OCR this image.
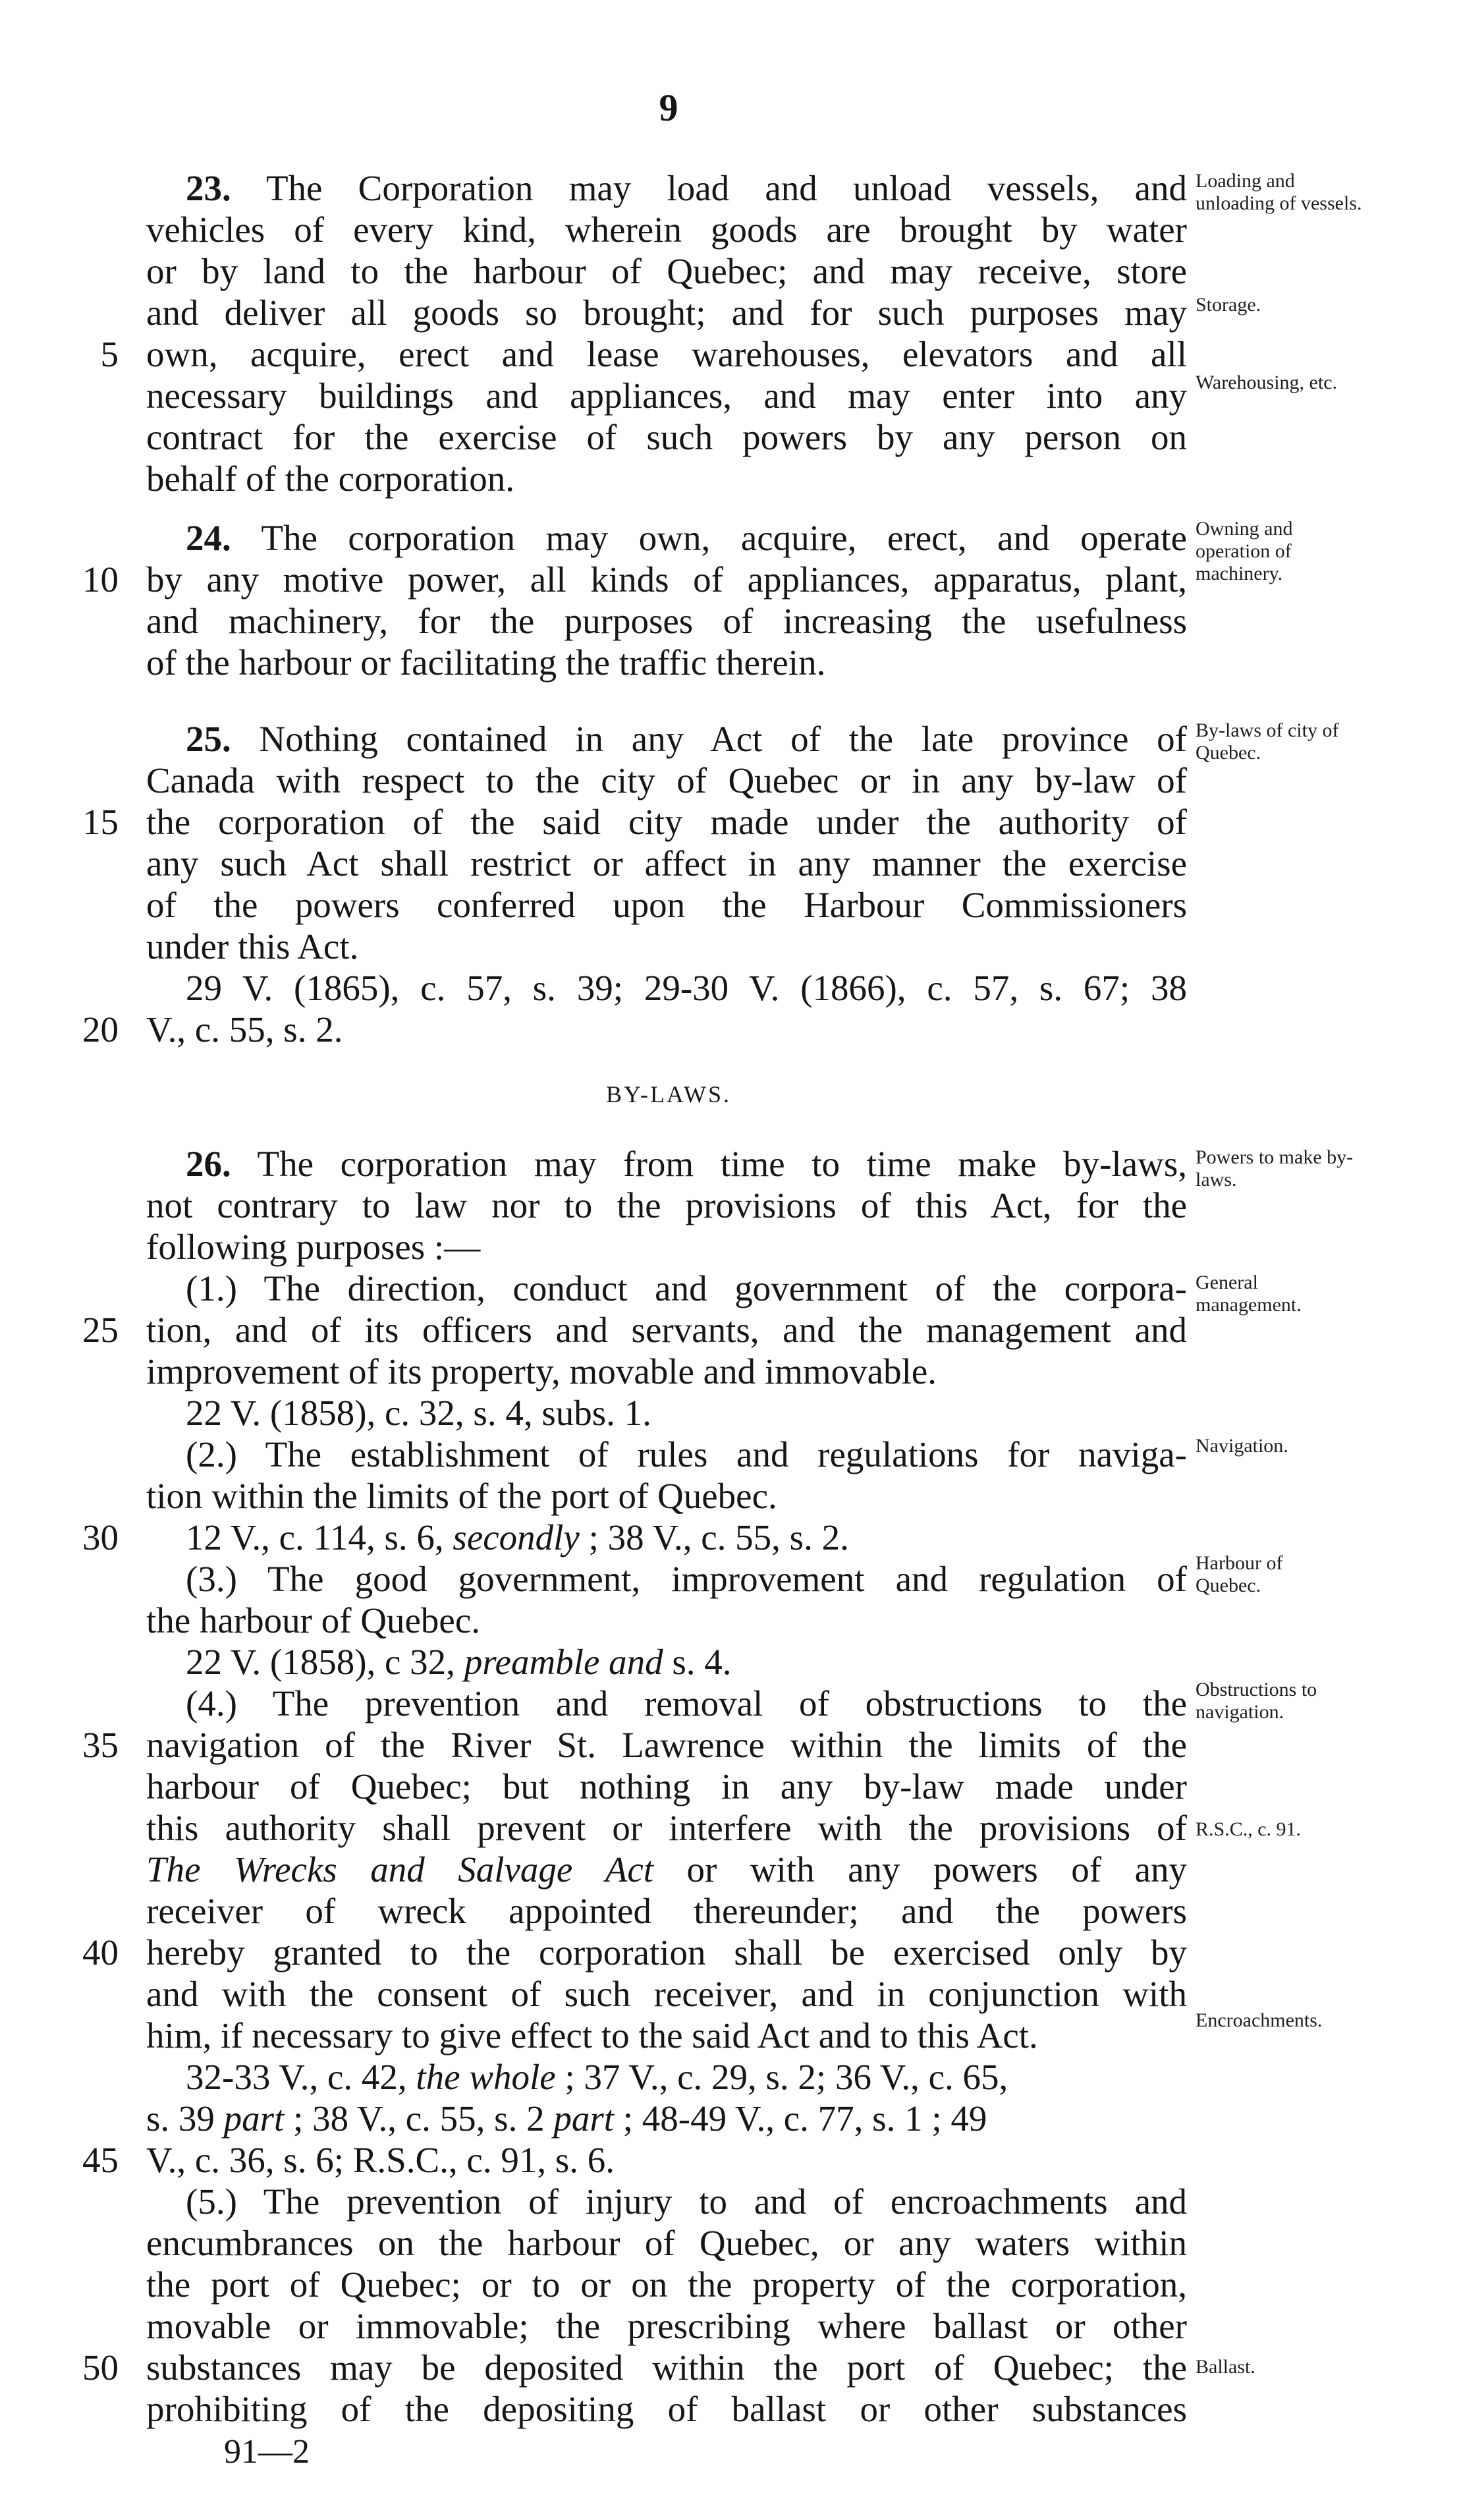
9
23. The Corporation may load and unload vessels, and
vehicles of every kind, wherein goods are brought by water
or by land to the harbour of Quebec; and may receive, store
and deliver all goods so brought; and for such purposes may
own, acquire, erect and lease warehouses, elevators and all
necessary buildings and appliances, and may enter into any
contract for the exercise of such powers by any person on
behalf of the corporation.
24. The corporation may own, acquire, erect, and operate
by any motive power, all kinds of appliances, apparatus, plant,
and machinery, for the purposes of increasing the usefulness
of the harbour or facilitating the traffic therein.
25. Nothing contained in any Act of the late province of
Canada with respect to the city of Quebec or in any by-law of
the corporation of the said city made under the authority of
any such Act shall restrict or affect in any manner the exercise
of the powers conferred upon the Harbour Commissioners
under this Act.
29 V. (1865), c. 57, s. 39; 29-30 V. (1866), c. 57, s. 67; 38
V., c. 55, s. 2.
BY-LAWS.
26. The corporation may from time to time make by-laws,
not contrary to law nor to the provisions of this Act, for the
following purposes :—
(1.) The direction, conduct and government of the corpora-
tion, and of its officers and servants, and the management and
improvement of its property, movable and immovable.
22 V. (1858), c. 32, s. 4, subs. 1.
(2.) The establishment of rules and regulations for naviga-
tion within the limits of the port of Quebec.
12 V., c. 114, s. 6, secondly ; 38 V., c. 55, s. 2.
(3.) The good government, improvement and regulation of
the harbour of Quebec.
22 V. (1858), c 32, preamble and s. 4.
(4.) The prevention and removal of obstructions to the
navigation of the River St. Lawrence within the limits of the
harbour of Quebec; but nothing in any by-law made under
this authority shall prevent or interfere with the provisions of
The Wrecks and Salvage Act or with any powers of any
receiver of wreck appointed thereunder; and the powers
hereby granted to the corporation shall be exercised only by
and with the consent of such receiver, and in conjunction with
him, if necessary to give effect to the said Act and to this Act.
32-33 V., c. 42, the whole ; 37 V., c. 29, s. 2; 36 V., c. 65,
s. 39 part ; 38 V., c. 55, s. 2 part ; 48-49 V., c. 77, s. 1 ; 49
V., c. 36, s. 6; R.S.C., c. 91, s. 6.
(5.) The prevention of injury to and of encroachments and
encumbrances on the harbour of Quebec, or any waters within
the port of Quebec; or to or on the property of the corporation,
movable or immovable; the prescribing where ballast or other
substances may be deposited within the port of Quebec; the
prohibiting of the depositing of ballast or other substances
5
10
15
20
25
30
35
40
45
50
Loading and unloading of vessels.
Storage.
Warehousing, etc.
Owning and operation of machinery.
By-laws of city of Quebec.
Powers to make by-laws.
General management.
Navigation.
Harbour of Quebec.
Obstructions to navigation.
R.S.C., c. 91.
Encroachments.
Ballast.
91—2
